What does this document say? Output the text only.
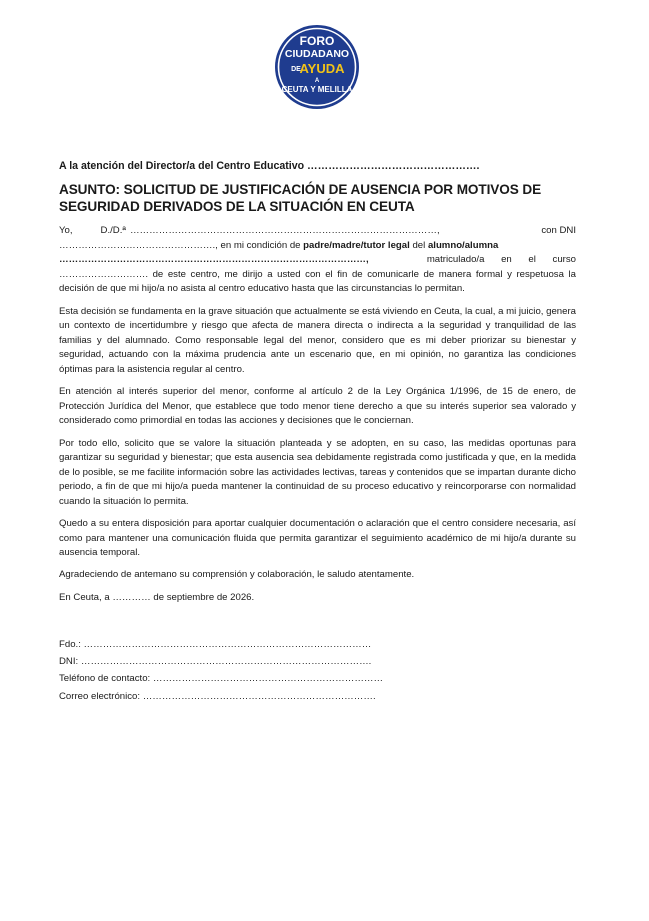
FORO
CIUDADANO
DE
AYUDA
A
CEUTA Y MELILLA
A la atención del Director/a del Centro Educativo ………………………………………….
ASUNTO: SOLICITUD DE JUSTIFICACIÓN DE AUSENCIA POR MOTIVOS DE SEGURIDAD DERIVADOS DE LA SITUACIÓN EN CEUTA

Yo,	D./D.ª ……………………………………………………………………………………,	con DNI
…………………………………………., en mi condición de padre/madre/tutor legal del alumno/alumna
……………………………………………………………………………………,	matriculado/a en el curso
………………………. de este centro, me dirijo a usted con el fin de comunicarle de manera formal y respetuosa la decisión de que mi hijo/a no asista al centro educativo hasta que las circunstancias lo permitan.

Esta decisión se fundamenta en la grave situación que actualmente se está viviendo en Ceuta, la cual, a mi juicio, genera un contexto de incertidumbre y riesgo que afecta de manera directa o indirecta a la seguridad y tranquilidad de las familias y del alumnado. Como responsable legal del menor, considero que es mi deber priorizar su bienestar y seguridad, actuando con la máxima prudencia ante un escenario que, en mi opinión, no garantiza las condiciones óptimas para la asistencia regular al centro.

En atención al interés superior del menor, conforme al artículo 2 de la Ley Orgánica 1/1996, de 15 de enero, de Protección Jurídica del Menor, que establece que todo menor tiene derecho a que su interés superior sea valorado y considerado como primordial en todas las acciones y decisiones que le conciernan.

Por todo ello, solicito que se valore la situación planteada y se adopten, en su caso, las medidas oportunas para garantizar su seguridad y bienestar; que esta ausencia sea debidamente registrada como justificada y que, en la medida de lo posible, se me facilite información sobre las actividades lectivas, tareas y contenidos que se impartan durante dicho periodo, a fin de que mi hijo/a pueda mantener la continuidad de su proceso educativo y reincorporarse con normalidad cuando la situación lo permita.

Quedo a su entera disposición para aportar cualquier documentación o aclaración que el centro considere necesaria, así como para mantener una comunicación fluida que permita garantizar el seguimiento académico de mi hijo/a durante su ausencia temporal.

Agradeciendo de antemano su comprensión y colaboración, le saludo atentamente.

En Ceuta, a ………… de septiembre de 2026.

Fdo.: ………………………………………………………………………………
DNI: ……………………………………………………………………………….
Teléfono de contacto: ………………………………………………………………
Correo electrónico: ……………………………………………………………….
